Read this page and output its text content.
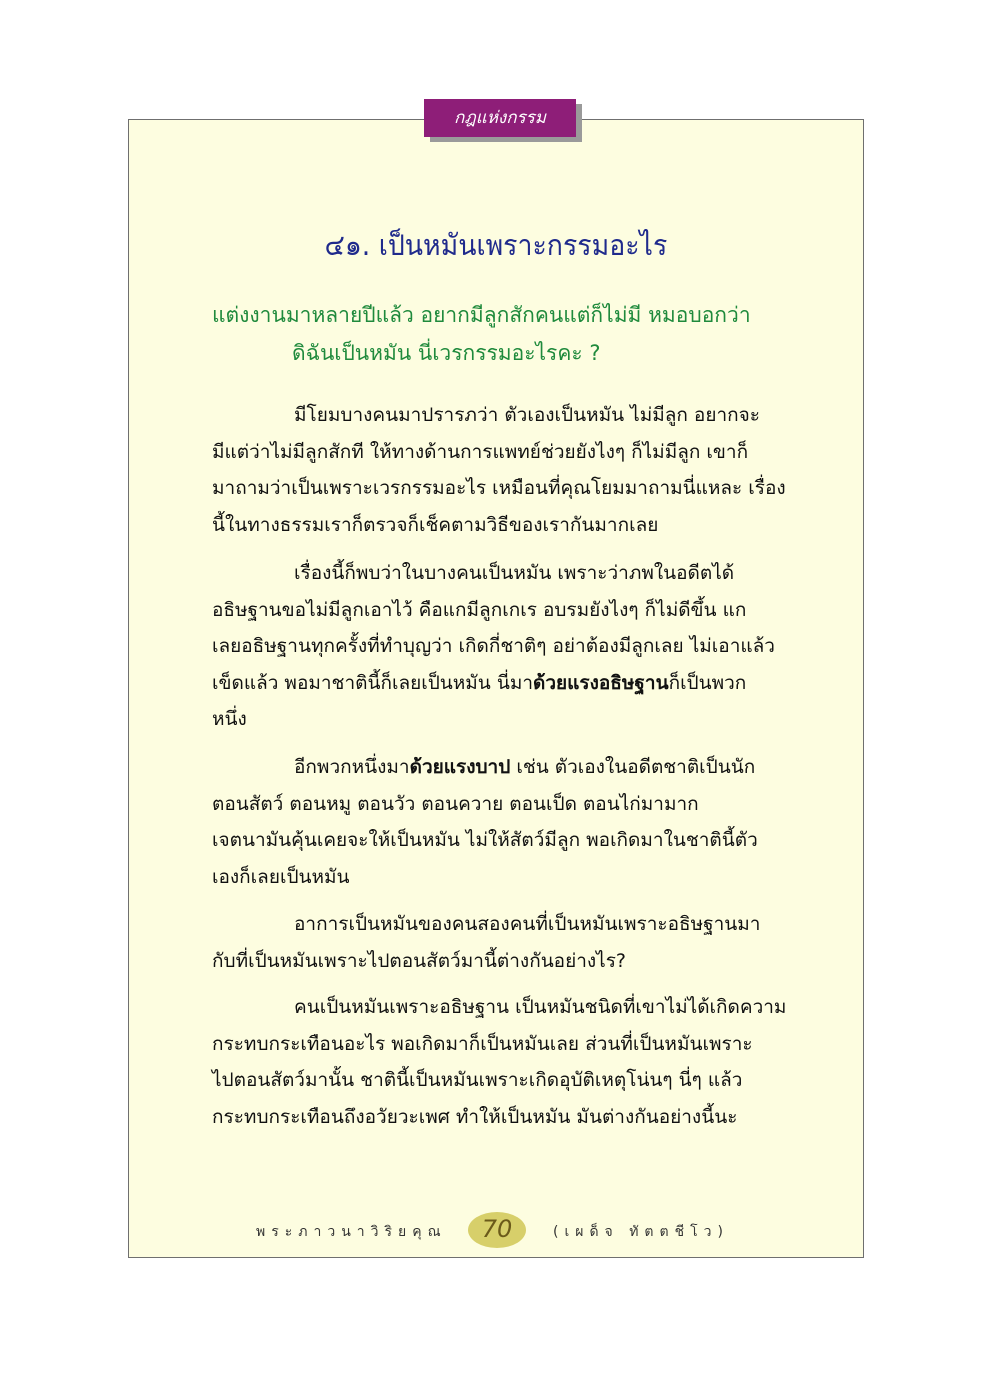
กฎแห่งกรรม
๔๑. เป็นหมันเพราะกรรมอะไร
แต่งงานมาหลายปีแล้ว อยากมีลูกสักคนแต่ก็ไม่มี หมอบอกว่า
ดิฉันเป็นหมัน นี่เวรกรรมอะไรคะ ?
มีโยมบางคนมาปรารภว่า ตัวเองเป็นหมัน ไม่มีลูก อยากจะ
มีแต่ว่าไม่มีลูกสักที ให้ทางด้านการแพทย์ช่วยยังไงๆ ก็ไม่มีลูก เขาก็
มาถามว่าเป็นเพราะเวรกรรมอะไร เหมือนที่คุณโยมมาถามนี่แหละ เรื่อง
นี้ในทางธรรมเราก็ตรวจก็เช็คตามวิธีของเรากันมากเลย
เรื่องนี้ก็พบว่าในบางคนเป็นหมัน เพราะว่าภพในอดีตได้
อธิษฐานขอไม่มีลูกเอาไว้ คือแกมีลูกเกเร อบรมยังไงๆ ก็ไม่ดีขึ้น แก
เลยอธิษฐานทุกครั้งที่ทำบุญว่า เกิดกี่ชาติๆ อย่าต้องมีลูกเลย ไม่เอาแล้ว
เข็ดแล้ว พอมาชาตินี้ก็เลยเป็นหมัน นี่มาด้วยแรงอธิษฐานก็เป็นพวก
หนึ่ง
อีกพวกหนึ่งมาด้วยแรงบาป เช่น ตัวเองในอดีตชาติเป็นนัก
ตอนสัตว์ ตอนหมู ตอนวัว ตอนควาย ตอนเป็ด ตอนไก่มามาก
เจตนามันคุ้นเคยจะให้เป็นหมัน ไม่ให้สัตว์มีลูก พอเกิดมาในชาตินี้ตัว
เองก็เลยเป็นหมัน
อาการเป็นหมันของคนสองคนที่เป็นหมันเพราะอธิษฐานมา
กับที่เป็นหมันเพราะไปตอนสัตว์มานี้ต่างกันอย่างไร?
คนเป็นหมันเพราะอธิษฐาน เป็นหมันชนิดที่เขาไม่ได้เกิดความ
กระทบกระเทือนอะไร พอเกิดมาก็เป็นหมันเลย ส่วนที่เป็นหมันเพราะ
ไปตอนสัตว์มานั้น ชาตินี้เป็นหมันเพราะเกิดอุบัติเหตุโน่นๆ นี่ๆ แล้ว
กระทบกระเทือนถึงอวัยวะเพศ ทำให้เป็นหมัน มันต่างกันอย่างนี้นะ
พระภาวนาวิริยคุณ	70	(เผด็จ ทัตตชีโว)
